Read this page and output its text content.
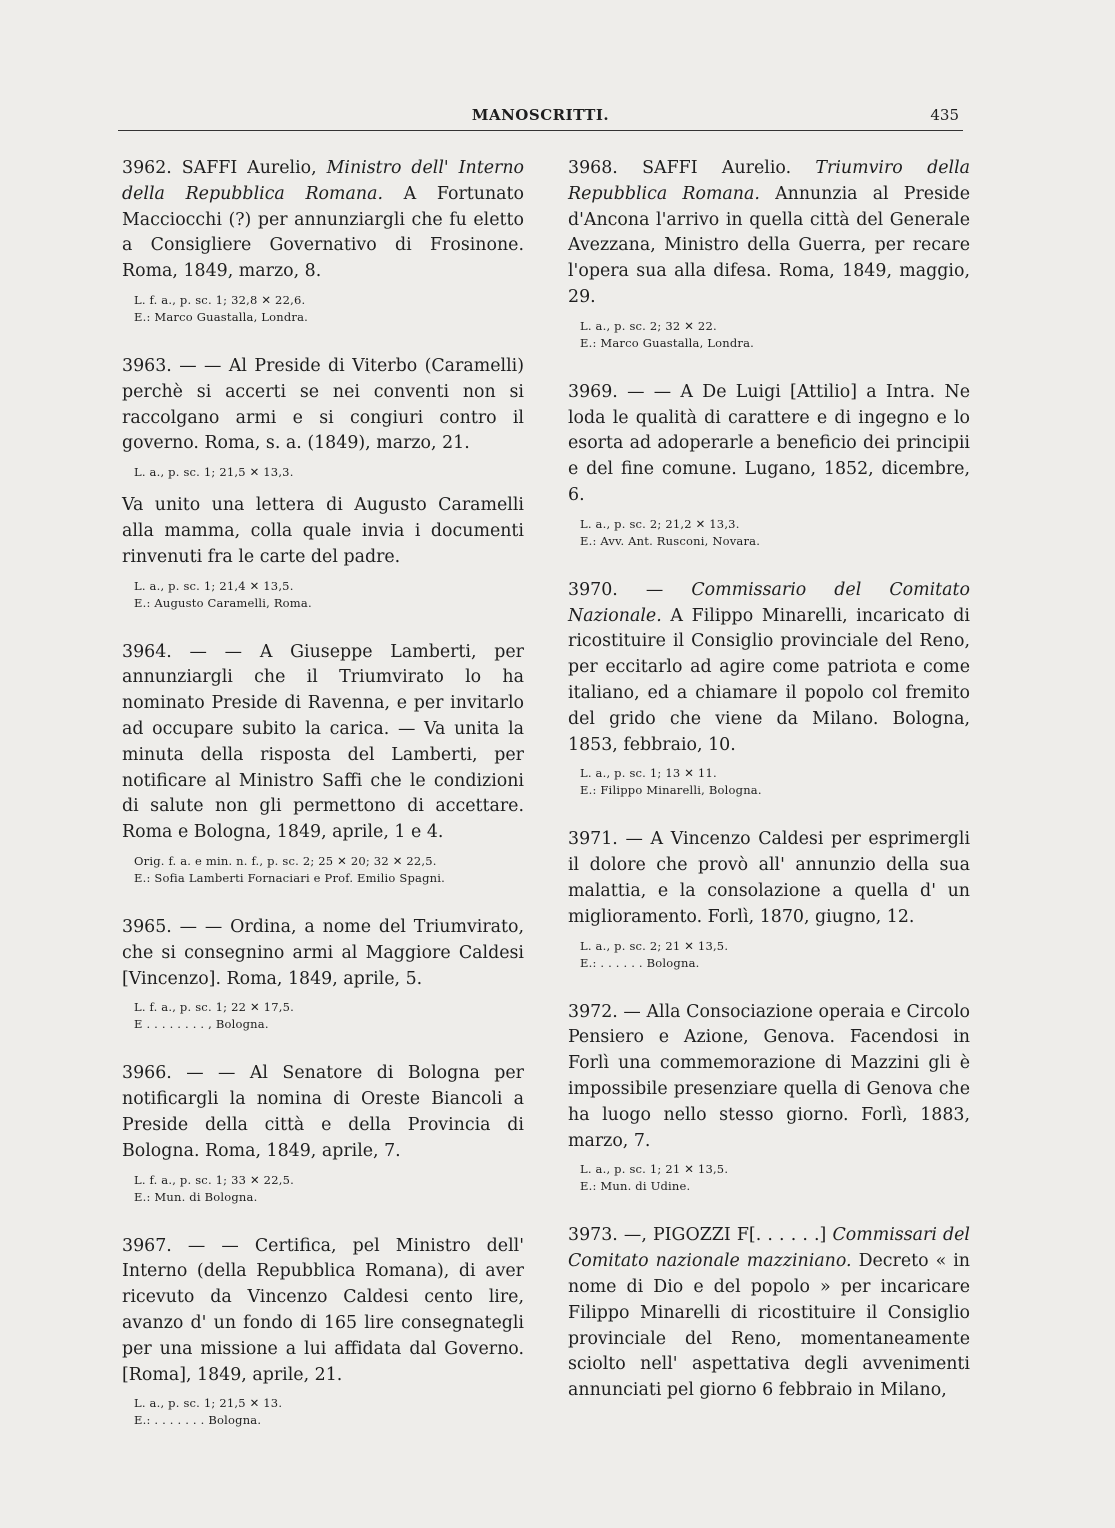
MANOSCRITTI.	435

3962. SAFFI Aurelio, Ministro dell' Interno della Repubblica Romana. A Fortunato Macciocchi (?) per annunziargli che fu eletto a Consigliere Governativo di Frosinone. Roma, 1849, marzo, 8.

L. f. a., p. sc. 1; 32,8 ✕ 22,6.
E.: Marco Guastalla, Londra.

3963. — — Al Preside di Viterbo (Caramelli) perchè si accerti se nei conventi non si raccolgano armi e si congiuri contro il governo. Roma, s. a. (1849), marzo, 21.

L. a., p. sc. 1; 21,5 ✕ 13,3.

Va unito una lettera di Augusto Caramelli alla mamma, colla quale invia i documenti rinvenuti fra le carte del padre.

L. a., p. sc. 1; 21,4 ✕ 13,5.
E.: Augusto Caramelli, Roma.

3964. — — A Giuseppe Lamberti, per annunziargli che il Triumvirato lo ha nominato Preside di Ravenna, e per invitarlo ad occupare subito la carica. — Va unita la minuta della risposta del Lamberti, per notificare al Ministro Saffi che le condizioni di salute non gli permettono di accettare. Roma e Bologna, 1849, aprile, 1 e 4.

Orig. f. a. e min. n. f., p. sc. 2; 25 ✕ 20; 32 ✕ 22,5.
E.: Sofia Lamberti Fornaciari e Prof. Emilio Spagni.

3965. — — Ordina, a nome del Triumvirato, che si consegnino armi al Maggiore Caldesi [Vincenzo]. Roma, 1849, aprile, 5.

L. f. a., p. sc. 1; 22 ✕ 17,5.
E . . . . . . . . , Bologna.

3966. — — Al Senatore di Bologna per notificargli la nomina di Oreste Biancoli a Preside della città e della Provincia di Bologna. Roma, 1849, aprile, 7.

L. f. a., p. sc. 1; 33 ✕ 22,5.
E.: Mun. di Bologna.

3967. — — Certifica, pel Ministro dell' Interno (della Repubblica Romana), di aver ricevuto da Vincenzo Caldesi cento lire, avanzo d' un fondo di 165 lire consegnategli per una missione a lui affidata dal Governo. [Roma], 1849, aprile, 21.

L. a., p. sc. 1; 21,5 ✕ 13.
E.: . . . . . . . Bologna.

3968. SAFFI Aurelio. Triumviro della Repubblica Romana. Annunzia al Preside d'Ancona l'arrivo in quella città del Generale Avezzana, Ministro della Guerra, per recare l'opera sua alla difesa. Roma, 1849, maggio, 29.

L. a., p. sc. 2; 32 ✕ 22.
E.: Marco Guastalla, Londra.

3969. — — A De Luigi [Attilio] a Intra. Ne loda le qualità di carattere e di ingegno e lo esorta ad adoperarle a beneficio dei principii e del fine comune. Lugano, 1852, dicembre, 6.

L. a., p. sc. 2; 21,2 ✕ 13,3.
E.: Avv. Ant. Rusconi, Novara.

3970. — Commissario del Comitato Nazionale. A Filippo Minarelli, incaricato di ricostituire il Consiglio provinciale del Reno, per eccitarlo ad agire come patriota e come italiano, ed a chiamare il popolo col fremito del grido che viene da Milano. Bologna, 1853, febbraio, 10.

L. a., p. sc. 1; 13 ✕ 11.
E.: Filippo Minarelli, Bologna.

3971. — A Vincenzo Caldesi per esprimergli il dolore che provò all' annunzio della sua malattia, e la consolazione a quella d' un miglioramento. Forlì, 1870, giugno, 12.

L. a., p. sc. 2; 21 ✕ 13,5.
E.: . . . . . . Bologna.

3972. — Alla Consociazione operaia e Circolo Pensiero e Azione, Genova. Facendosi in Forlì una commemorazione di Mazzini gli è impossibile presenziare quella di Genova che ha luogo nello stesso giorno. Forlì, 1883, marzo, 7.

L. a., p. sc. 1; 21 ✕ 13,5.
E.: Mun. di Udine.

3973. —, PIGOZZI F[. . . . . .] Commissari del Comitato nazionale mazziniano. Decreto « in nome di Dio e del popolo » per incaricare Filippo Minarelli di ricostituire il Consiglio provinciale del Reno, momentaneamente sciolto nell' aspettativa degli avvenimenti annunciati pel giorno 6 febbraio in Milano,
